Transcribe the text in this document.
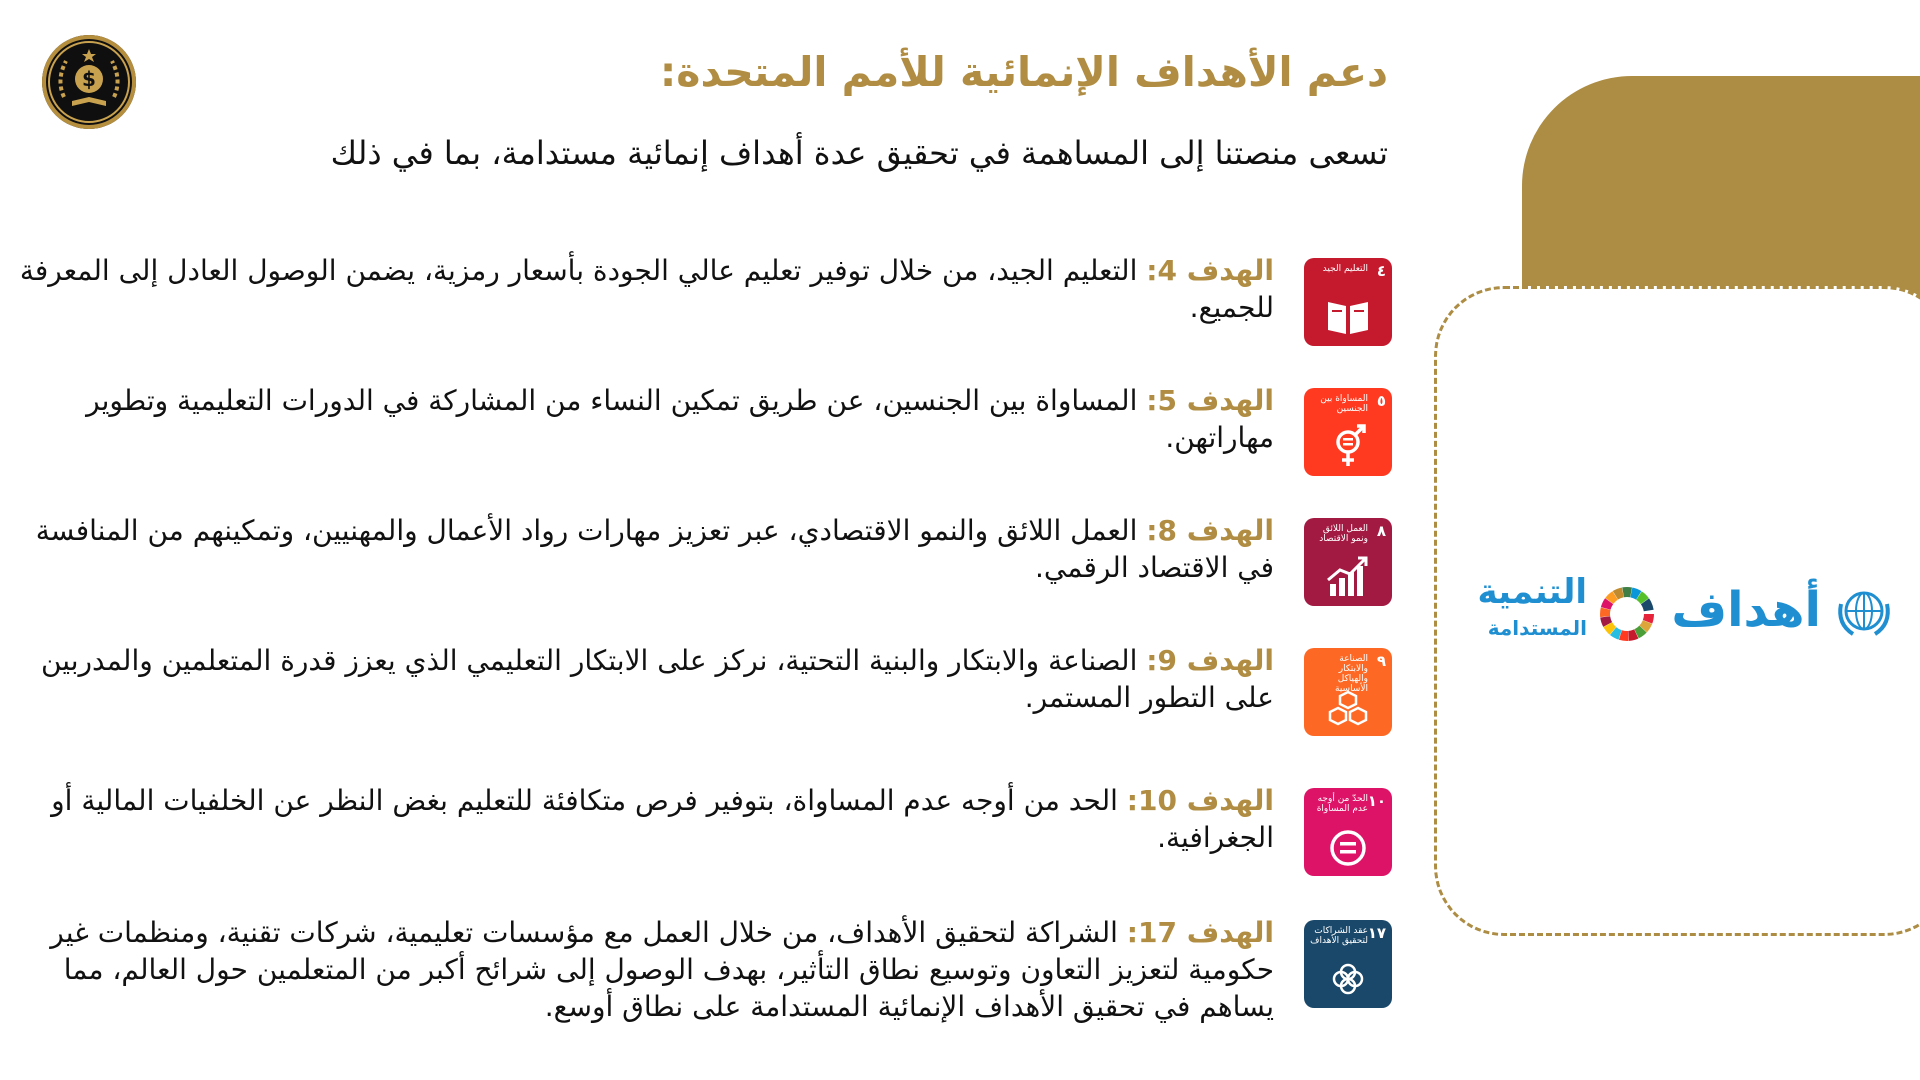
$	دعم الأهداف الإنمائية للأمم المتحدة:

تسعى منصتنا إلى المساهمة في تحقيق عدة أهداف إنمائية مستدامة، بما في ذلك

٤
التعليم الجيد
الهدف 4: التعليم الجيد، من خلال توفير تعليم عالي الجودة بأسعار رمزية، يضمن الوصول العادل إلى المعرفة للجميع.
٥
المساواة بين الجنسين
الهدف 5: المساواة بين الجنسين، عن طريق تمكين النساء من المشاركة في الدورات التعليمية وتطوير مهاراتهن.
٨
العمل اللائق ونمو الاقتصاد
الهدف 8: العمل اللائق والنمو الاقتصادي، عبر تعزيز مهارات رواد الأعمال والمهنيين، وتمكينهم من المنافسة في الاقتصاد الرقمي.
٩
الصناعة والابتكار والهياكل الأساسية
الهدف 9: الصناعة والابتكار والبنية التحتية، نركز على الابتكار التعليمي الذي يعزز قدرة المتعلمين والمدربين على التطور المستمر.
١٠
الحدّ من أوجه عدم المساواة
الهدف 10: الحد من أوجه عدم المساواة، بتوفير فرص متكافئة للتعليم بغض النظر عن الخلفيات المالية أو الجغرافية.
١٧
عقد الشراكات لتحقيق الأهداف
الهدف 17: الشراكة لتحقيق الأهداف، من خلال العمل مع مؤسسات تعليمية، شركات تقنية، ومنظمات غير حكومية لتعزيز التعاون وتوسيع نطاق التأثير، بهدف الوصول إلى شرائح أكبر من المتعلمين حول العالم، مما يساهم في تحقيق الأهداف الإنمائية المستدامة على نطاق أوسع.
أهداف
التنمية
المستدامة
